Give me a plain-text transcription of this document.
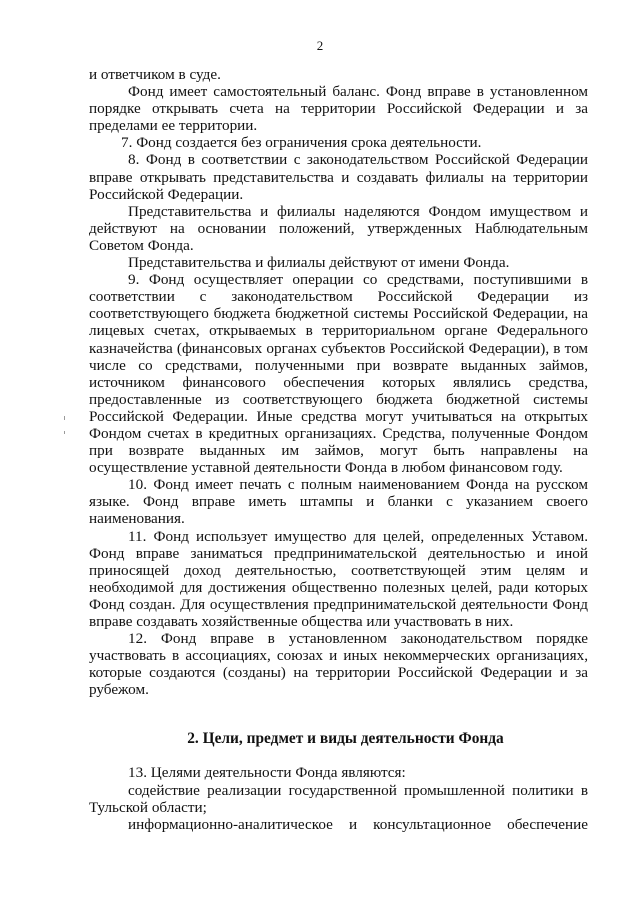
2

и ответчиком в суде.

Фонд имеет самостоятельный баланс. Фонд вправе в установленном порядке открывать счета на территории Российской Федерации и за пределами ее территории.

7. Фонд создается без ограничения срока деятельности.

8. Фонд в соответствии с законодательством Российской Федерации вправе открывать представительства и создавать филиалы на территории Российской Федерации.

Представительства и филиалы наделяются Фондом имуществом и действуют на основании положений, утвержденных Наблюдательным Советом Фонда.

Представительства и филиалы действуют от имени Фонда.

9. Фонд осуществляет операции со средствами, поступившими в соответствии с законодательством Российской Федерации из соответствующего бюджета бюджетной системы Российской Федерации, на лицевых счетах, открываемых в территориальном органе Федерального казначейства (финансовых органах субъектов Российской Федерации), в том числе со средствами, полученными при возврате выданных займов, источником финансового обеспечения которых являлись средства, предоставленные из соответствующего бюджета бюджетной системы Российской Федерации. Иные средства могут учитываться на открытых Фондом счетах в кредитных организациях. Средства, полученные Фондом при возврате выданных им займов, могут быть направлены на осуществление уставной деятельности Фонда в любом финансовом году.

10. Фонд имеет печать с полным наименованием Фонда на русском языке. Фонд вправе иметь штампы и бланки с указанием своего наименования.

11. Фонд использует имущество для целей, определенных Уставом. Фонд вправе заниматься предпринимательской деятельностью и иной приносящей доход деятельностью, соответствующей этим целям и необходимой для достижения общественно полезных целей, ради которых Фонд создан. Для осуществления предпринимательской деятельности Фонд вправе создавать хозяйственные общества или участвовать в них.

12. Фонд вправе в установленном законодательством порядке участвовать в ассоциациях, союзах и иных некоммерческих организациях, которые создаются (созданы) на территории Российской Федерации и за рубежом.

2. Цели, предмет и виды деятельности Фонда

13. Целями деятельности Фонда являются:

содействие реализации государственной промышленной политики в Тульской области;

информационно-аналитическое и консультационное обеспечение
